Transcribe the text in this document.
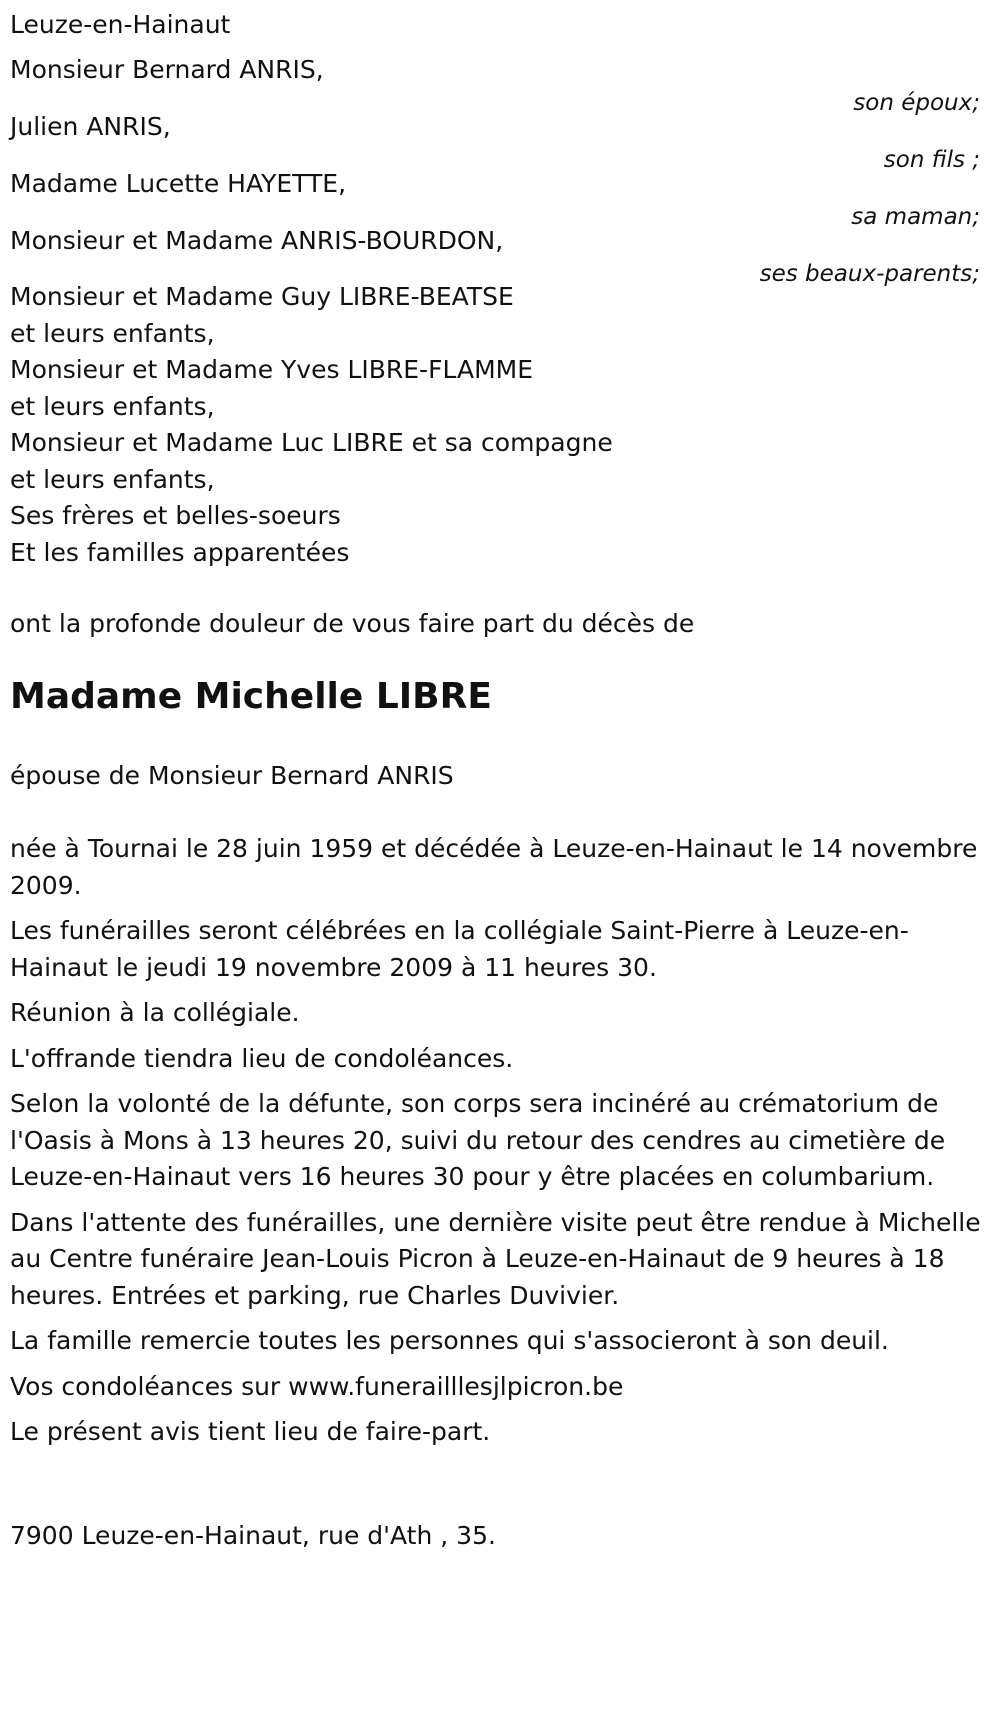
Leuze-en-Hainaut

Monsieur Bernard ANRIS,
son époux;
Julien ANRIS,
son fils ;
Madame Lucette HAYETTE,
sa maman;
Monsieur et Madame ANRIS-BOURDON,
ses beaux-parents;

Monsieur et Madame Guy LIBRE-BEATSE

et leurs enfants,

Monsieur et Madame Yves LIBRE-FLAMME

et leurs enfants,

Monsieur et Madame Luc LIBRE et sa compagne

et leurs enfants,

Ses frères et belles-soeurs

Et les familles apparentées

ont la profonde douleur de vous faire part du décès de

Madame Michelle LIBRE

épouse de Monsieur Bernard ANRIS

née à Tournai le 28 juin 1959 et décédée à Leuze-en-Hainaut le 14 novembre 2009.

Les funérailles seront célébrées en la collégiale Saint-Pierre à Leuze-en-Hainaut le jeudi 19 novembre 2009 à 11 heures 30.

Réunion à la collégiale.

L'offrande tiendra lieu de condoléances.

Selon la volonté de la défunte, son corps sera incinéré au crématorium de l'Oasis à Mons à 13 heures 20, suivi du retour des cendres au cimetière de Leuze-en-Hainaut vers 16 heures 30 pour y être placées en columbarium.

Dans l'attente des funérailles, une dernière visite peut être rendue à Michelle au Centre funéraire Jean-Louis Picron à Leuze-en-Hainaut de 9 heures à 18 heures. Entrées et parking, rue Charles Duvivier.

La famille remercie toutes les personnes qui s'associeront à son deuil.

Vos condoléances sur www.funerailllesjlpicron.be

Le présent avis tient lieu de faire-part.

7900 Leuze-en-Hainaut, rue d'Ath , 35.
